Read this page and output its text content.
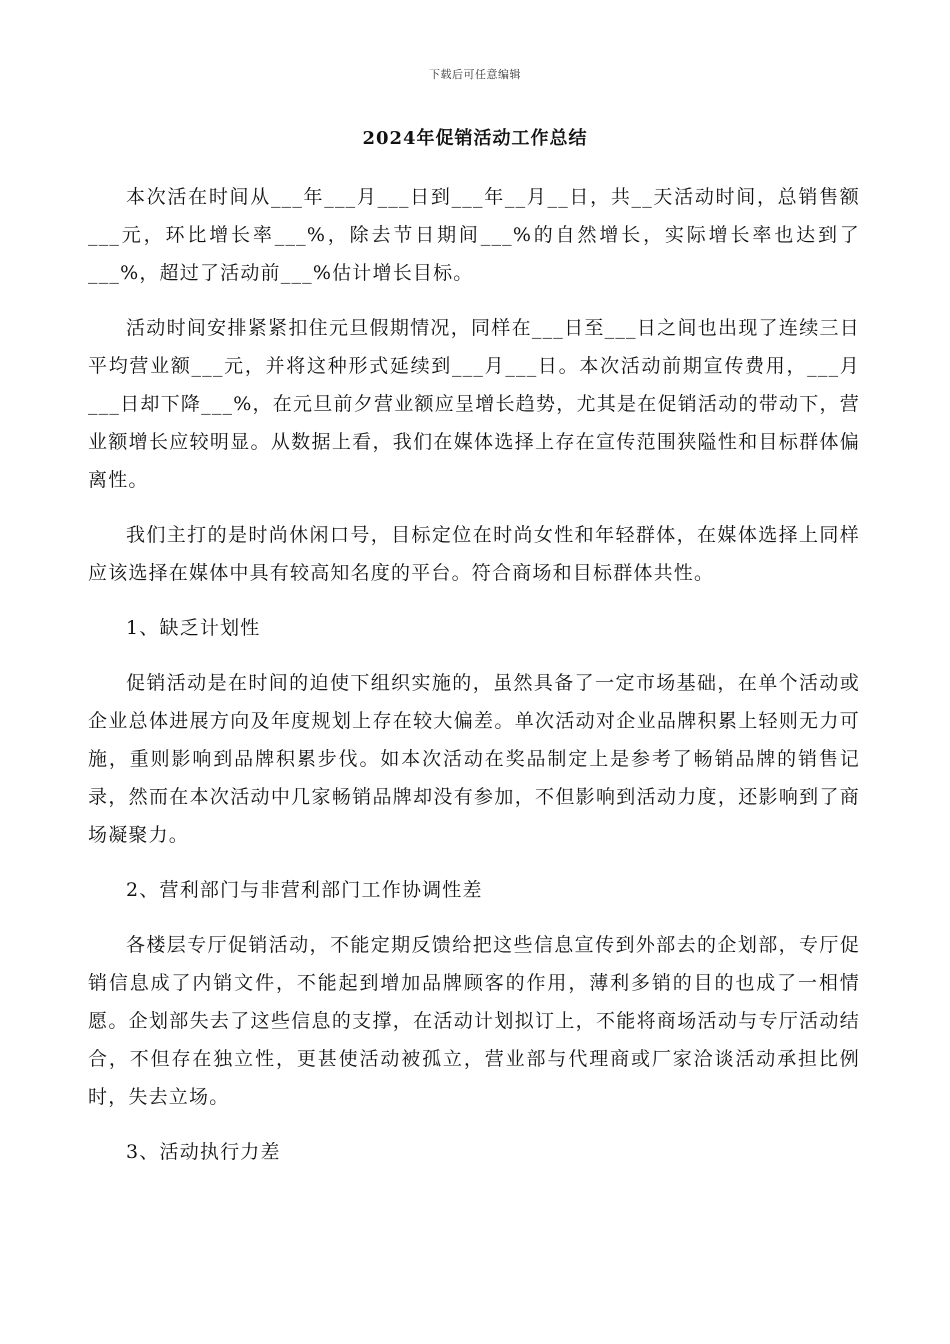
下载后可任意编辑
2024年促销活动工作总结

本次活在时间从___年___月___日到___年__月__日，共__天活动时间，总销售额___元，环比增长率___%，除去节日期间___%的自然增长，实际增长率也达到了___%，超过了活动前___%估计增长目标。

活动时间安排紧紧扣住元旦假期情况，同样在___日至___日之间也出现了连续三日平均营业额___元，并将这种形式延续到___月___日。本次活动前期宣传费用，___月___日却下降___%，在元旦前夕营业额应呈增长趋势，尤其是在促销活动的带动下，营业额增长应较明显。从数据上看，我们在媒体选择上存在宣传范围狭隘性和目标群体偏离性。

我们主打的是时尚休闲口号，目标定位在时尚女性和年轻群体，在媒体选择上同样应该选择在媒体中具有较高知名度的平台。符合商场和目标群体共性。

1、缺乏计划性

促销活动是在时间的迫使下组织实施的，虽然具备了一定市场基础，在单个活动或企业总体进展方向及年度规划上存在较大偏差。单次活动对企业品牌积累上轻则无力可施，重则影响到品牌积累步伐。如本次活动在奖品制定上是参考了畅销品牌的销售记录，然而在本次活动中几家畅销品牌却没有参加，不但影响到活动力度，还影响到了商场凝聚力。

2、营利部门与非营利部门工作协调性差

各楼层专厅促销活动，不能定期反馈给把这些信息宣传到外部去的企划部，专厅促销信息成了内销文件，不能起到增加品牌顾客的作用，薄利多销的目的也成了一相情愿。企划部失去了这些信息的支撑，在活动计划拟订上，不能将商场活动与专厅活动结合，不但存在独立性，更甚使活动被孤立，营业部与代理商或厂家洽谈活动承担比例时，失去立场。

3、活动执行力差
